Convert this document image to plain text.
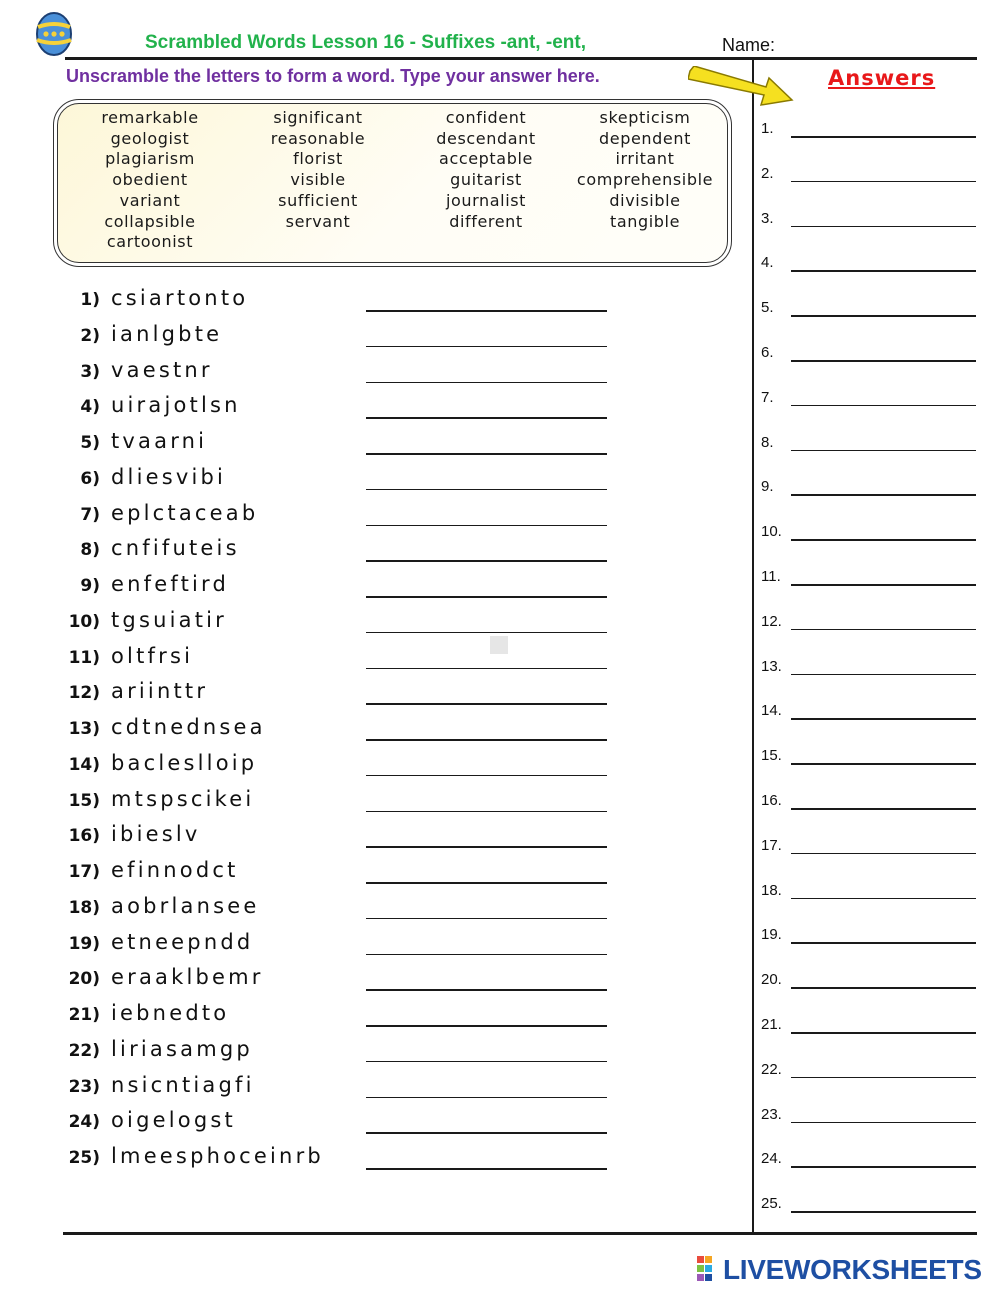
Scrambled Words Lesson 16 - Suffixes -ant, -ent,	Name:
Unscramble the letters to form a word. Type your answer here.	Answers
remarkable	significant	confident	skepticism
geologist	reasonable	descendant	dependent
plagiarism	florist	acceptable	irritant
obedient	visible	guitarist	comprehensible
variant	sufficient	journalist	divisible
collapsible	servant	different	tangible
cartoonist
1) csiartonto
2) ianlgbte
3) vaestnr
4) uirajotlsn
5) tvaarni
6) dliesvibi
7) eplctaceab
8) cnfifuteis
9) enfeftird
10) tgsuiatir
11) oltfrsi
12) ariinttr
13) cdtnednsea
14) bacleslloip
15) mtspscikei
16) ibieslv
17) efinnodct
18) aobrlansee
19) etneepndd
20) eraaklbemr
21) iebnedto
22) liriasamgp
23) nsicntiagfi
24) oigelogst
25) lmeesphoceinrb
1.
2.
3.
4.
5.
6.
7.
8.
9.
10.
11.
12.
13.
14.
15.
16.
17.
18.
19.
20.
21.
22.
23.
24.
25.
LIVEWORKSHEETS
